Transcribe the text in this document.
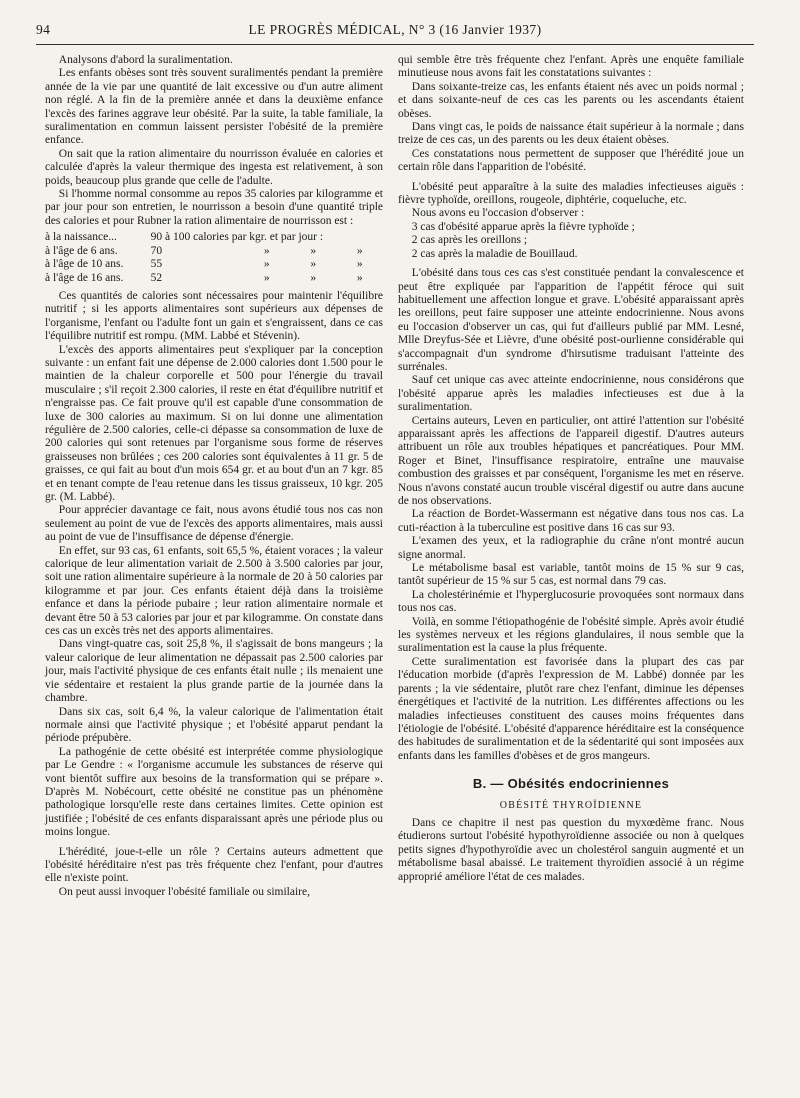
94	LE PROGRÈS MÉDICAL, N° 3 (16 Janvier 1937)

Analysons d'abord la suralimentation.

Les enfants obèses sont très souvent suralimentés pendant la première année de la vie par une quantité de lait excessive ou d'un autre aliment non réglé. A la fin de la première année et dans la deuxième enfance l'excès des farines aggrave leur obésité. Par la suite, la table familiale, la suralimentation en commun laissent persister l'obésité de la première enfance.

On sait que la ration alimentaire du nourrisson évaluée en calories et calculée d'après la valeur thermique des ingesta est relativement, à son poids, beaucoup plus grande que celle de l'adulte.

Si l'homme normal consomme au repos 35 calories par kilogramme et par jour pour son entretien, le nourrisson a besoin d'une quantité triple des calories et pour Rubner la ration alimentaire de nourrisson est :

à la naissance...	90 à 100 calories par kgr. et par jour :			
à l'âge de 6 ans.	70	»	»	»
à l'âge de 10 ans.	55	»	»	»
à l'âge de 16 ans.	52	»	»	»

Ces quantités de calories sont nécessaires pour maintenir l'équilibre nutritif ; si les apports alimentaires sont supérieurs aux dépenses de l'organisme, l'enfant ou l'adulte font un gain et s'engraissent, dans ce cas l'équilibre nutritif est rompu. (MM. Labbé et Stévenin).

L'excès des apports alimentaires peut s'expliquer par la conception suivante : un enfant fait une dépense de 2.000 calories dont 1.500 pour le maintien de la chaleur corporelle et 500 pour l'énergie du travail musculaire ; s'il reçoit 2.300 calories, il reste en état d'équilibre nutritif et n'engraisse pas. Ce fait prouve qu'il est capable d'une consommation de luxe de 300 calories au maximum. Si on lui donne une alimentation régulière de 2.500 calories, celle-ci dépasse sa consommation de luxe de 200 calories qui sont retenues par l'organisme sous forme de réserves graisseuses non brûlées ; ces 200 calories sont équivalentes à 11 gr. 5 de graisses, ce qui fait au bout d'un mois 654 gr. et au bout d'un an 7 kgr. 85 et en tenant compte de l'eau retenue dans les tissus graisseux, 10 kgr. 205 gr. (M. Labbé).

Pour apprécier davantage ce fait, nous avons étudié tous nos cas non seulement au point de vue de l'excès des apports alimentaires, mais aussi au point de vue de l'insuffisance de dépense d'énergie.

En effet, sur 93 cas, 61 enfants, soit 65,5 %, étaient voraces ; la valeur calorique de leur alimentation variait de 2.500 à 3.500 calories par jour, soit une ration alimentaire supérieure à la normale de 20 à 50 calories par kilogramme et par jour. Ces enfants étaient déjà dans la troisième enfance et dans la période pubaire ; leur ration alimentaire normale et devant être 50 à 53 calories par jour et par kilogramme. On constate dans ces cas un excès très net des apports alimentaires.

Dans vingt-quatre cas, soit 25,8 %, il s'agissait de bons mangeurs ; la valeur calorique de leur alimentation ne dépassait pas 2.500 calories par jour, mais l'activité physique de ces enfants était nulle ; ils menaient une vie sédentaire et restaient la plus grande partie de la journée dans la chambre.

Dans six cas, soit 6,4 %, la valeur calorique de l'alimentation était normale ainsi que l'activité physique ; et l'obésité apparut pendant la période prépubère.

La pathogénie de cette obésité est interprétée comme physiologique par Le Gendre : « l'organisme accumule les substances de réserve qui vont bientôt suffire aux besoins de la transformation qui se prépare ». D'après M. Nobécourt, cette obésité ne constitue pas un phénomène pathologique lorsqu'elle reste dans certaines limites. Cette opinion est justifiée ; l'obésité de ces enfants disparaissant après une période plus ou moins longue.

L'hérédité, joue-t-elle un rôle ? Certains auteurs admettent que l'obésité héréditaire n'est pas très fréquente chez l'enfant, pour d'autres elle n'existe point.

On peut aussi invoquer l'obésité familiale ou similaire,

qui semble être très fréquente chez l'enfant. Après une enquête familiale minutieuse nous avons fait les constatations suivantes :

Dans soixante-treize cas, les enfants étaient nés avec un poids normal ; et dans soixante-neuf de ces cas les parents ou les ascendants étaient obèses.

Dans vingt cas, le poids de naissance était supérieur à la normale ; dans treize de ces cas, un des parents ou les deux étaient obèses.

Ces constatations nous permettent de supposer que l'hérédité joue un certain rôle dans l'apparition de l'obésité.

L'obésité peut apparaître à la suite des maladies infectieuses aiguës : fièvre typhoïde, oreillons, rougeole, diphtérie, coqueluche, etc.

Nous avons eu l'occasion d'observer :

3 cas d'obésité apparue après la fièvre typhoïde ;

2 cas après les oreillons ;

2 cas après la maladie de Bouillaud.

L'obésité dans tous ces cas s'est constituée pendant la convalescence et peut être expliquée par l'apparition de l'appétit féroce qui suit habituellement une affection longue et grave. L'obésité apparaissant après les oreillons, peut faire supposer une atteinte endocrinienne. Nous avons eu l'occasion d'observer un cas, qui fut d'ailleurs publié par MM. Lesné, Mlle Dreyfus-Sée et Lièvre, d'une obésité post-ourlienne considérable qui s'accompagnait d'un syndrome d'hirsutisme traduisant l'atteinte des surrénales.

Sauf cet unique cas avec atteinte endocrinienne, nous considérons que l'obésité apparue après les maladies infectieuses est due à la suralimentation.

Certains auteurs, Leven en particulier, ont attiré l'attention sur l'obésité apparaissant après les affections de l'appareil digestif. D'autres auteurs attribuent un rôle aux troubles hépatiques et pancréatiques. Pour MM. Roger et Binet, l'insuffisance respiratoire, entraîne une mauvaise combustion des graisses et par conséquent, l'organisme les met en réserve. Nous n'avons constaté aucun trouble viscéral digestif ou autre dans aucune de nos observations.

La réaction de Bordet-Wassermann est négative dans tous nos cas. La cuti-réaction à la tuberculine est positive dans 16 cas sur 93.

L'examen des yeux, et la radiographie du crâne n'ont montré aucun signe anormal.

Le métabolisme basal est variable, tantôt moins de 15 % sur 9 cas, tantôt supérieur de 15 % sur 5 cas, est normal dans 79 cas.

La cholestérinémie et l'hyperglucosurie provoquées sont normaux dans tous nos cas.

Voilà, en somme l'étiopathogénie de l'obésité simple. Après avoir étudié les systèmes nerveux et les régions glandulaires, il nous semble que la suralimentation est la cause la plus fréquente.

Cette suralimentation est favorisée dans la plupart des cas par l'éducation morbide (d'après l'expression de M. Labbé) donnée par les parents ; la vie sédentaire, plutôt rare chez l'enfant, diminue les dépenses énergétiques et l'activité de la nutrition. Les différentes affections ou les maladies infectieuses constituent des causes moins fréquentes dans l'étiologie de l'obésité. L'obésité d'apparence héréditaire est la conséquence des habitudes de suralimentation et de la sédentarité qui sont imposées aux enfants dans les familles d'obèses et de gros mangeurs.

B. — Obésités endocriniennes
OBÉSITÉ THYROÏDIENNE

Dans ce chapitre il nest pas question du myxœdème franc. Nous étudierons surtout l'obésité hypothyroïdienne associée ou non à quelques petits signes d'hypothyroïdie avec un cholestérol sanguin augmenté et un métabolisme basal abaissé. Le traitement thyroïdien associé à un régime approprié améliore l'état de ces malades.
